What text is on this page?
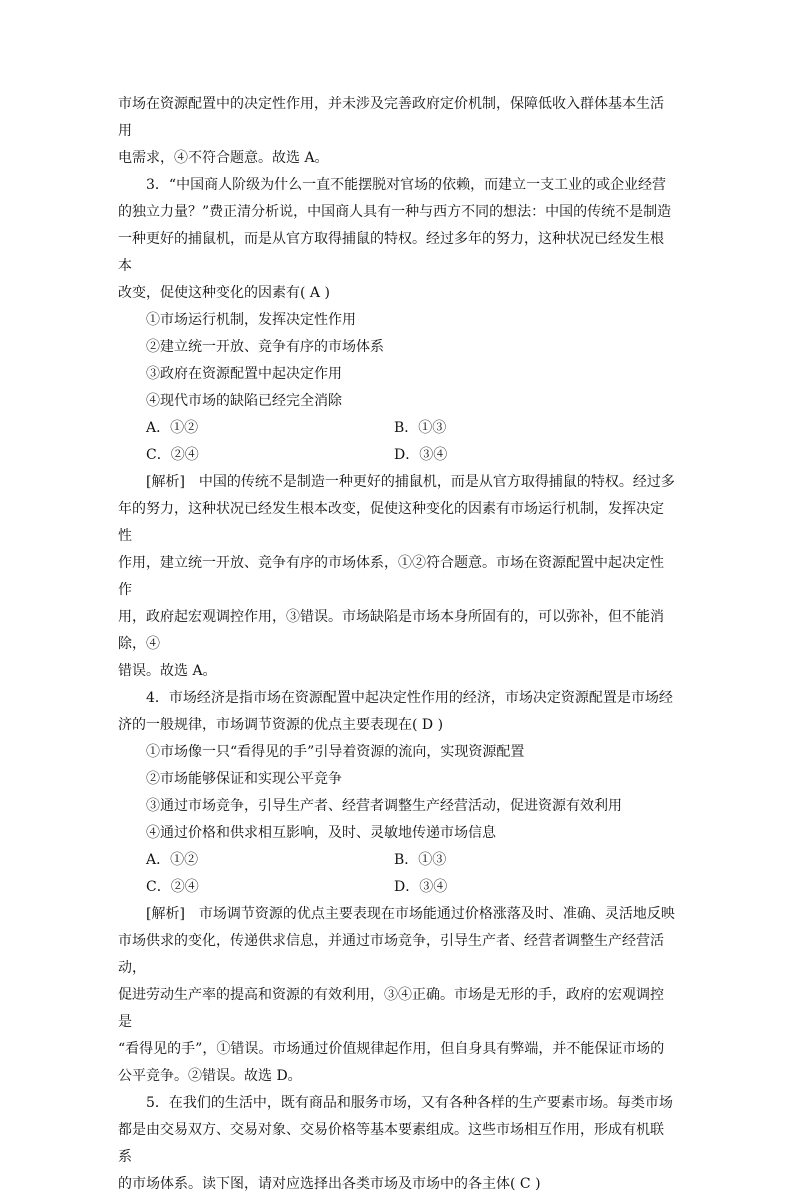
市场在资源配置中的决定性作用，并未涉及完善政府定价机制，保障低收入群体基本生活用

电需求，④不符合题意。故选 A。

3．“中国商人阶级为什么一直不能摆脱对官场的依赖，而建立一支工业的或企业经营

的独立力量？”费正清分析说，中国商人具有一种与西方不同的想法：中国的传统不是制造

一种更好的捕鼠机，而是从官方取得捕鼠的特权。经过多年的努力，这种状况已经发生根本

改变，促使这种变化的因素有( A )

①市场运行机制，发挥决定性作用

②建立统一开放、竞争有序的市场体系

③政府在资源配置中起决定作用

④现代市场的缺陷已经完全消除

A．①②	B．①③
C．②④	D．③④

[解析]　中国的传统不是制造一种更好的捕鼠机，而是从官方取得捕鼠的特权。经过多

年的努力，这种状况已经发生根本改变，促使这种变化的因素有市场运行机制，发挥决定性

作用，建立统一开放、竞争有序的市场体系，①②符合题意。市场在资源配置中起决定性作

用，政府起宏观调控作用，③错误。市场缺陷是市场本身所固有的，可以弥补，但不能消除，④

错误。故选 A。

4．市场经济是指市场在资源配置中起决定性作用的经济，市场决定资源配置是市场经

济的一般规律，市场调节资源的优点主要表现在( D )

①市场像一只“看得见的手”引导着资源的流向，实现资源配置

②市场能够保证和实现公平竞争

③通过市场竞争，引导生产者、经营者调整生产经营活动，促进资源有效利用

④通过价格和供求相互影响，及时、灵敏地传递市场信息

A．①②	B．①③
C．②④	D．③④

[解析]　市场调节资源的优点主要表现在市场能通过价格涨落及时、准确、灵活地反映

市场供求的变化，传递供求信息，并通过市场竞争，引导生产者、经营者调整生产经营活动，

促进劳动生产率的提高和资源的有效利用，③④正确。市场是无形的手，政府的宏观调控是

“看得见的手”，①错误。市场通过价值规律起作用，但自身具有弊端，并不能保证市场的

公平竞争。②错误。故选 D。

5．在我们的生活中，既有商品和服务市场，又有各种各样的生产要素市场。每类市场

都是由交易双方、交易对象、交易价格等基本要素组成。这些市场相互作用，形成有机联系

的市场体系。读下图，请对应选择出各类市场及市场中的各主体( C )
